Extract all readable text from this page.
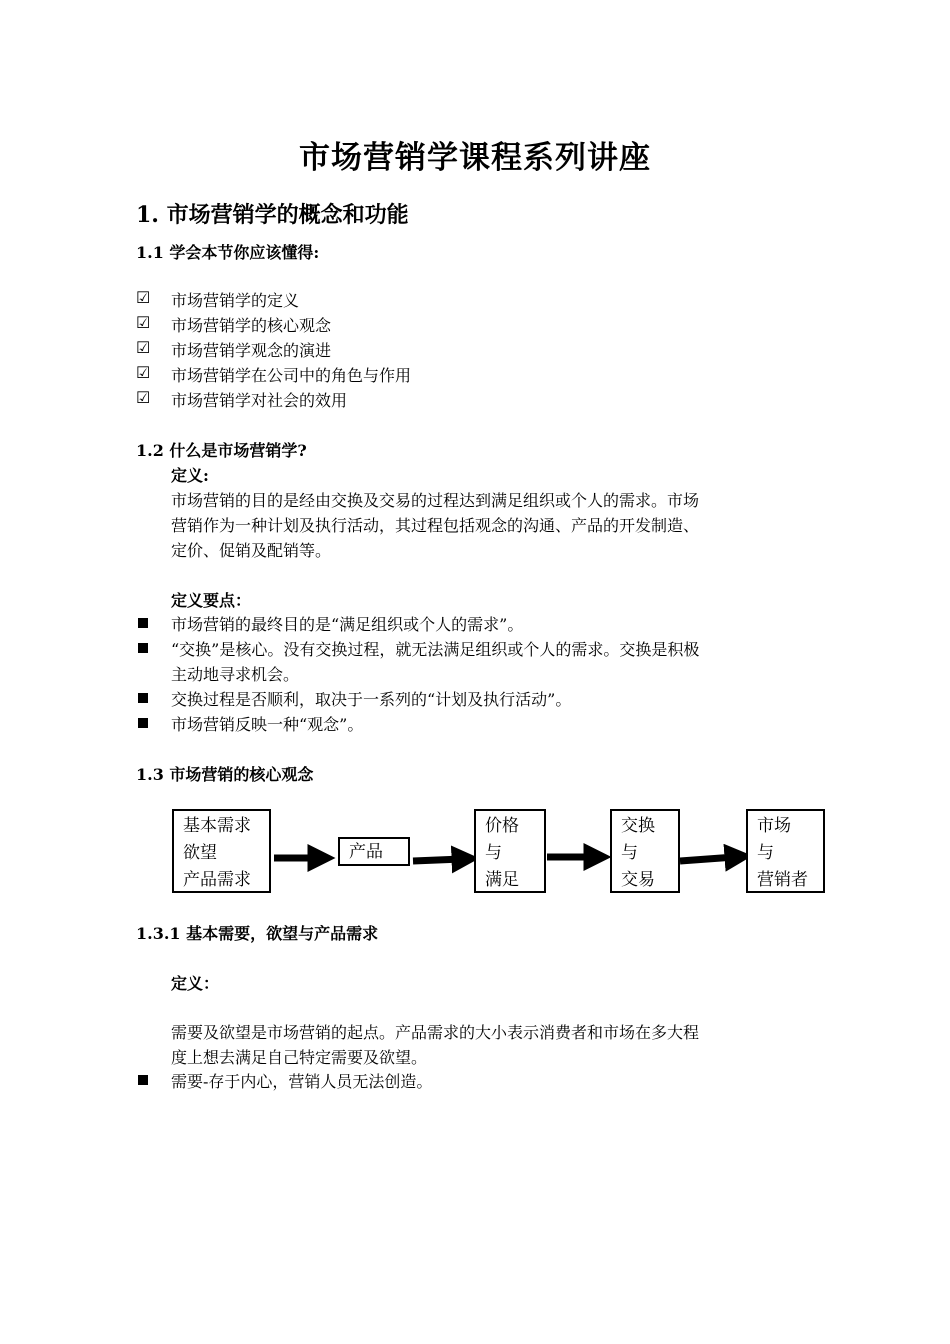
市场营销学课程系列讲座
1. 市场营销学的概念和功能
1.1 学会本节你应该懂得:
☑ 市场营销学的定义
☑ 市场营销学的核心观念
☑ 市场营销学观念的演进
☑ 市场营销学在公司中的角色与作用
☑ 市场营销学对社会的效用
1.2 什么是市场营销学?
定义:
市场营销的目的是经由交换及交易的过程达到满足组织或个人的需求。市场
营销作为一种计划及执行活动，其过程包括观念的沟通、产品的开发制造、
定价、促销及配销等。
定义要点：
市场营销的最终目的是“满足组织或个人的需求”。
“交换”是核心。没有交换过程，就无法满足组织或个人的需求。交换是积极
主动地寻求机会。
交换过程是否顺利，取决于一系列的“计划及执行活动”。
市场营销反映一种“观念”。
1.3 市场营销的核心观念
基本需求
欲望
产品需求
产品
价格
与
满足
交换
与
交易
市场
与
营销者
1.3.1 基本需要，欲望与产品需求
定义：
需要及欲望是市场营销的起点。产品需求的大小表示消费者和市场在多大程
度上想去满足自己特定需要及欲望。
需要-存于内心，营销人员无法创造。
